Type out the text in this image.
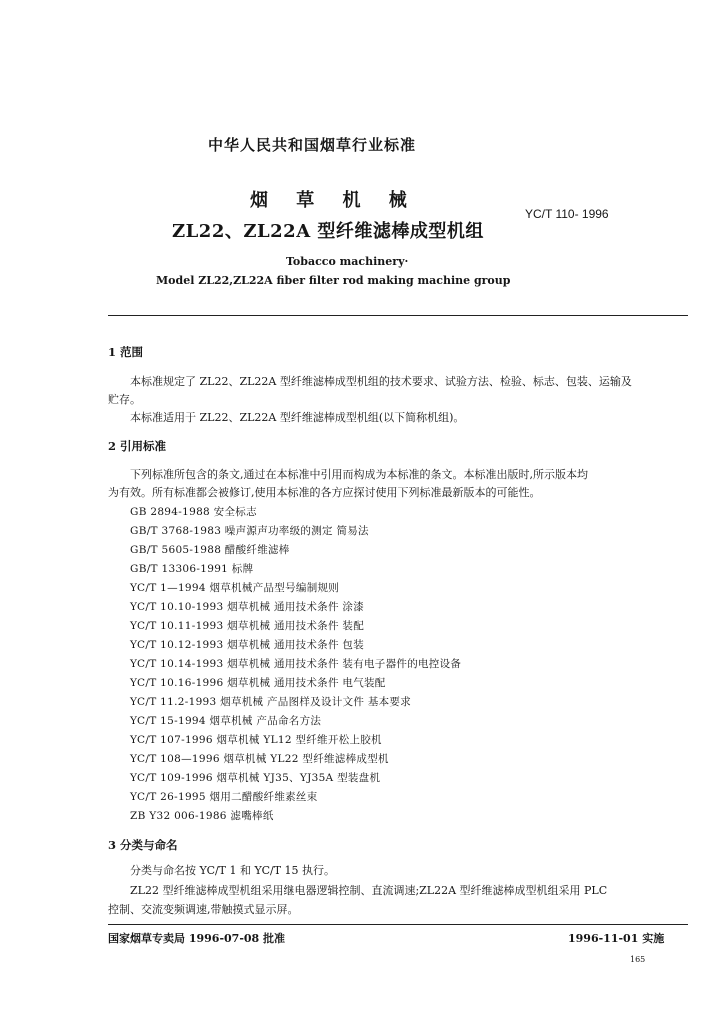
中华人民共和国烟草行业标准
烟 草 机 械
ZL22、ZL22A 型纤维滤棒成型机组
YC/T 110- 1996
Tobacco machinery·
Model ZL22,ZL22A fiber filter rod making machine group
1 范围
本标准规定了 ZL22、ZL22A 型纤维滤棒成型机组的技术要求、试验方法、检验、标志、包装、运输及
贮存。
本标准适用于 ZL22、ZL22A 型纤维滤棒成型机组(以下简称机组)。
2 引用标准
下列标准所包含的条文,通过在本标准中引用而构成为本标准的条文。本标准出版时,所示版本均
为有效。所有标准都会被修订,使用本标准的各方应探讨使用下列标准最新版本的可能性。
GB 2894-1988 安全标志
GB/T 3768-1983 噪声源声功率级的测定 简易法
GB/T 5605-1988 醋酸纤维滤棒
GB/T 13306-1991 标牌
YC/T 1—1994 烟草机械产品型号编制规则
YC/T 10.10-1993 烟草机械 通用技术条件 涂漆
YC/T 10.11-1993 烟草机械 通用技术条件 装配
YC/T 10.12-1993 烟草机械 通用技术条件 包装
YC/T 10.14-1993 烟草机械 通用技术条件 装有电子器件的电控设备
YC/T 10.16-1996 烟草机械 通用技术条件 电气装配
YC/T 11.2-1993 烟草机械 产品图样及设计文件 基本要求
YC/T 15-1994 烟草机械 产品命名方法
YC/T 107-1996 烟草机械 YL12 型纤维开松上胶机
YC/T 108—1996 烟草机械 YL22 型纤维滤棒成型机
YC/T 109-1996 烟草机械 YJ35、YJ35A 型装盘机
YC/T 26-1995 烟用二醋酸纤维素丝束
ZB Y32 006-1986 滤嘴棒纸
3 分类与命名
分类与命名按 YC/T 1 和 YC/T 15 执行。
ZL22 型纤维滤棒成型机组采用继电器逻辑控制、直流调速;ZL22A 型纤维滤棒成型机组采用 PLC
控制、交流变频调速,带触摸式显示屏。
国家烟草专卖局 1996-07-08 批准	1996-11-01 实施
165
